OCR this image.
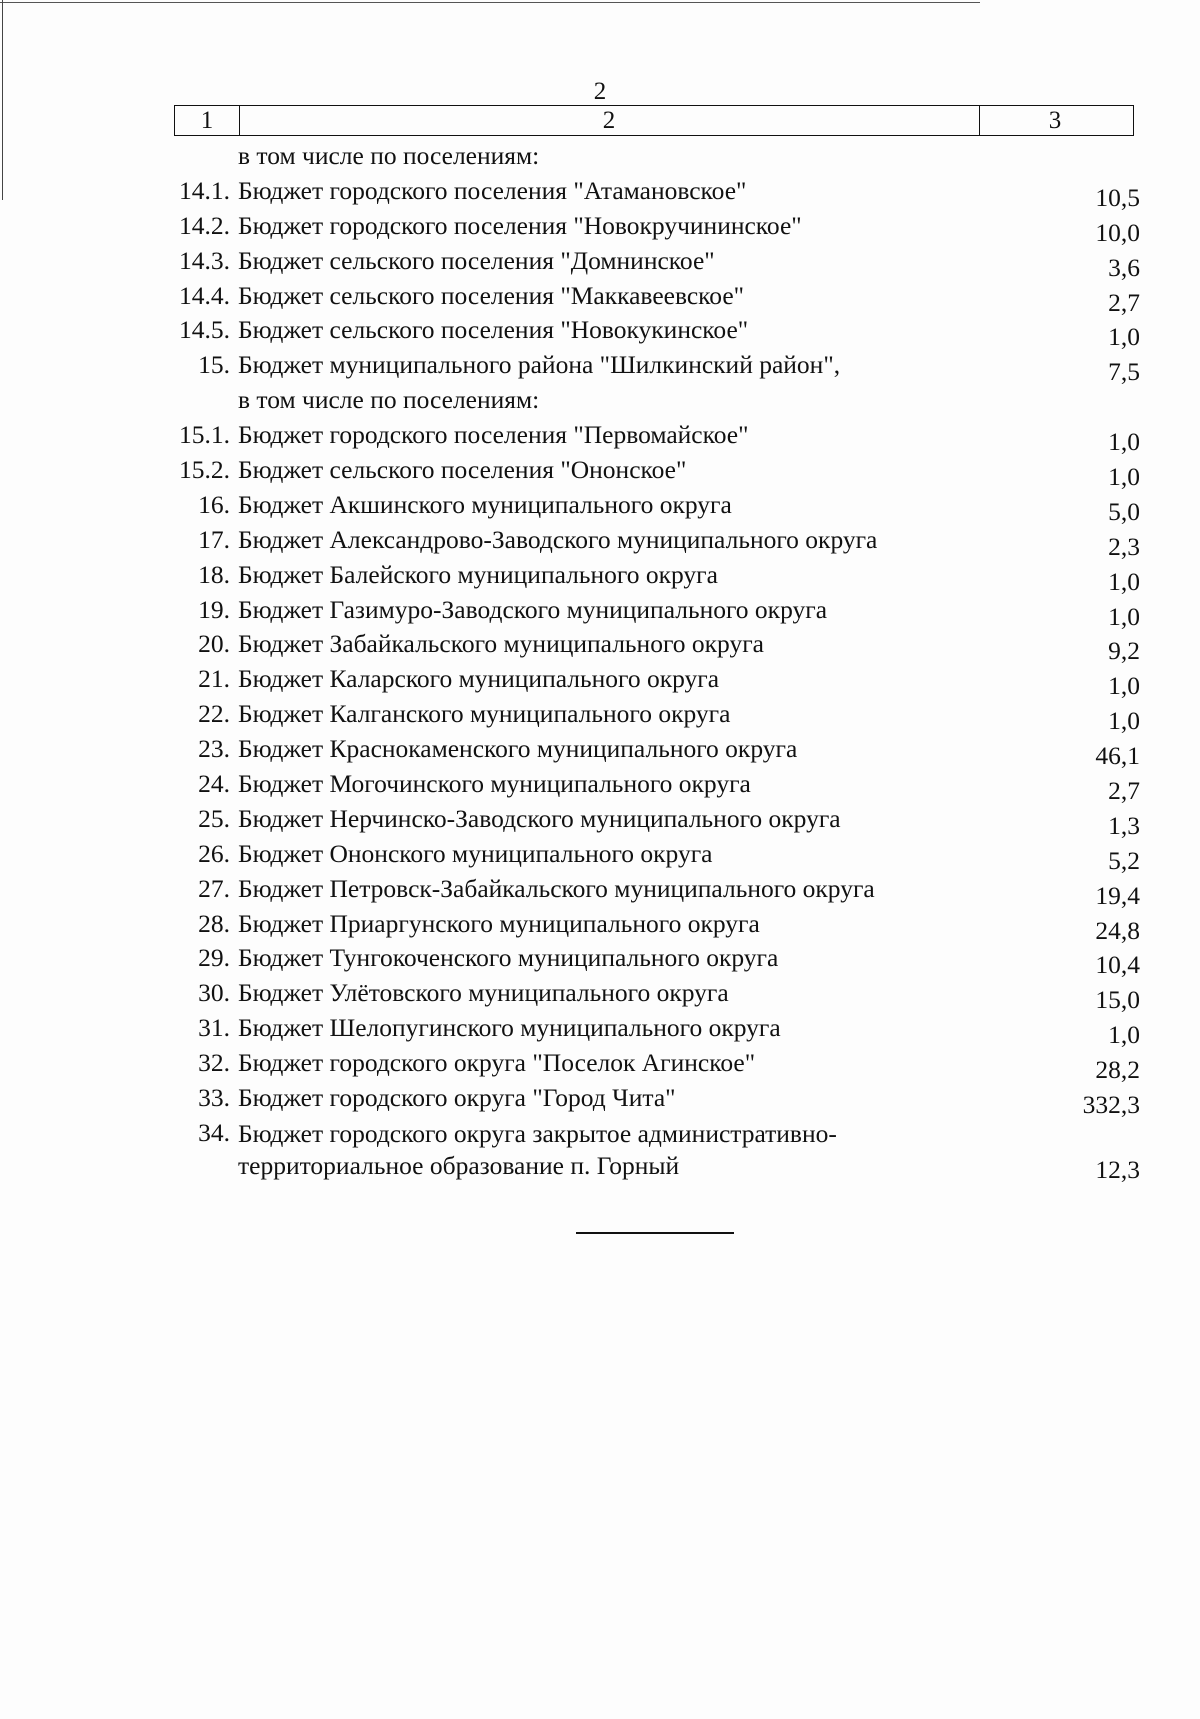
2
1	2	3
в том числе по поселениям:
14.1. Бюджет городского поселения "Атамановское"	10,5
14.2. Бюджет городского поселения "Новокручининское"	10,0
14.3. Бюджет сельского поселения "Домнинское"	3,6
14.4. Бюджет сельского поселения "Маккавеевское"	2,7
14.5. Бюджет сельского поселения "Новокукинское"	1,0
15. Бюджет муниципального района "Шилкинский район",	7,5
в том числе по поселениям:
15.1. Бюджет городского поселения "Первомайское"	1,0
15.2. Бюджет сельского поселения "Ононское"	1,0
16. Бюджет Акшинского муниципального округа	5,0
17. Бюджет Александрово-Заводского муниципального округа	2,3
18. Бюджет Балейского муниципального округа	1,0
19. Бюджет Газимуро-Заводского муниципального округа	1,0
20. Бюджет Забайкальского муниципального округа	9,2
21. Бюджет Каларского муниципального округа	1,0
22. Бюджет Калганского муниципального округа	1,0
23. Бюджет Краснокаменского муниципального округа	46,1
24. Бюджет Могочинского муниципального округа	2,7
25. Бюджет Нерчинско-Заводского муниципального округа	1,3
26. Бюджет Ононского муниципального округа	5,2
27. Бюджет Петровск-Забайкальского муниципального округа	19,4
28. Бюджет Приаргунского муниципального округа	24,8
29. Бюджет Тунгокоченского муниципального округа	10,4
30. Бюджет Улётовского муниципального округа	15,0
31. Бюджет Шелопугинского муниципального округа	1,0
32. Бюджет городского округа "Поселок Агинское"	28,2
33. Бюджет городского округа "Город Чита"	332,3
34. Бюджет городского округа закрытое административно-территориальное образование п. Горный	12,3
